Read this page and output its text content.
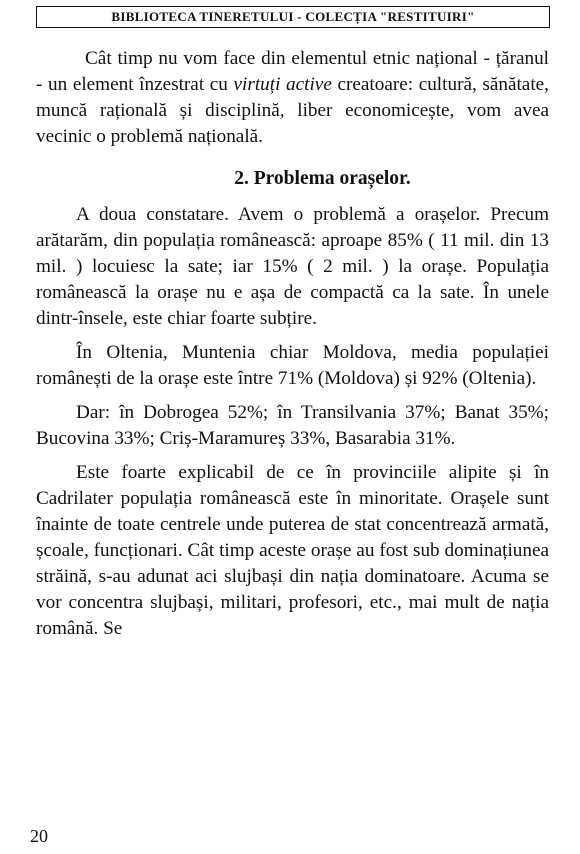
BIBLIOTECA TINERETULUI - COLECȚIA "RESTITUIRI"

Cât timp nu vom face din elementul etnic național - țăranul - un element înzestrat cu virtuți active creatoare: cultură, sănătate, muncă rațională și disciplină, liber economicește, vom avea vecinic o problemă națională.

2. Problema orașelor.

A doua constatare. Avem o problemă a orașelor. Precum arătarăm, din populația românească: aproape 85% ( 11 mil. din 13 mil. ) locuiesc la sate; iar 15% ( 2 mil. ) la orașe. Populația românească la orașe nu e așa de compactă ca la sate. În unele dintr-însele, este chiar foarte subțire.

În Oltenia, Muntenia chiar Moldova, media populației românești de la orașe este între 71% (Moldova) și 92% (Oltenia).

Dar: în Dobrogea 52%; în Transilvania 37%; Banat 35%; Bucovina 33%; Criș-Maramureș 33%, Basarabia 31%.

Este foarte explicabil de ce în provinciile alipite și în Cadrilater populația românească este în minoritate. Orașele sunt înainte de toate centrele unde puterea de stat concentrează armată, școale, funcționari. Cât timp aceste orașe au fost sub dominațiunea străină, s-au adunat aci slujbași din nația dominatoare. Acuma se vor concentra slujbași, militari, profesori, etc., mai mult de nația română. Se

20
